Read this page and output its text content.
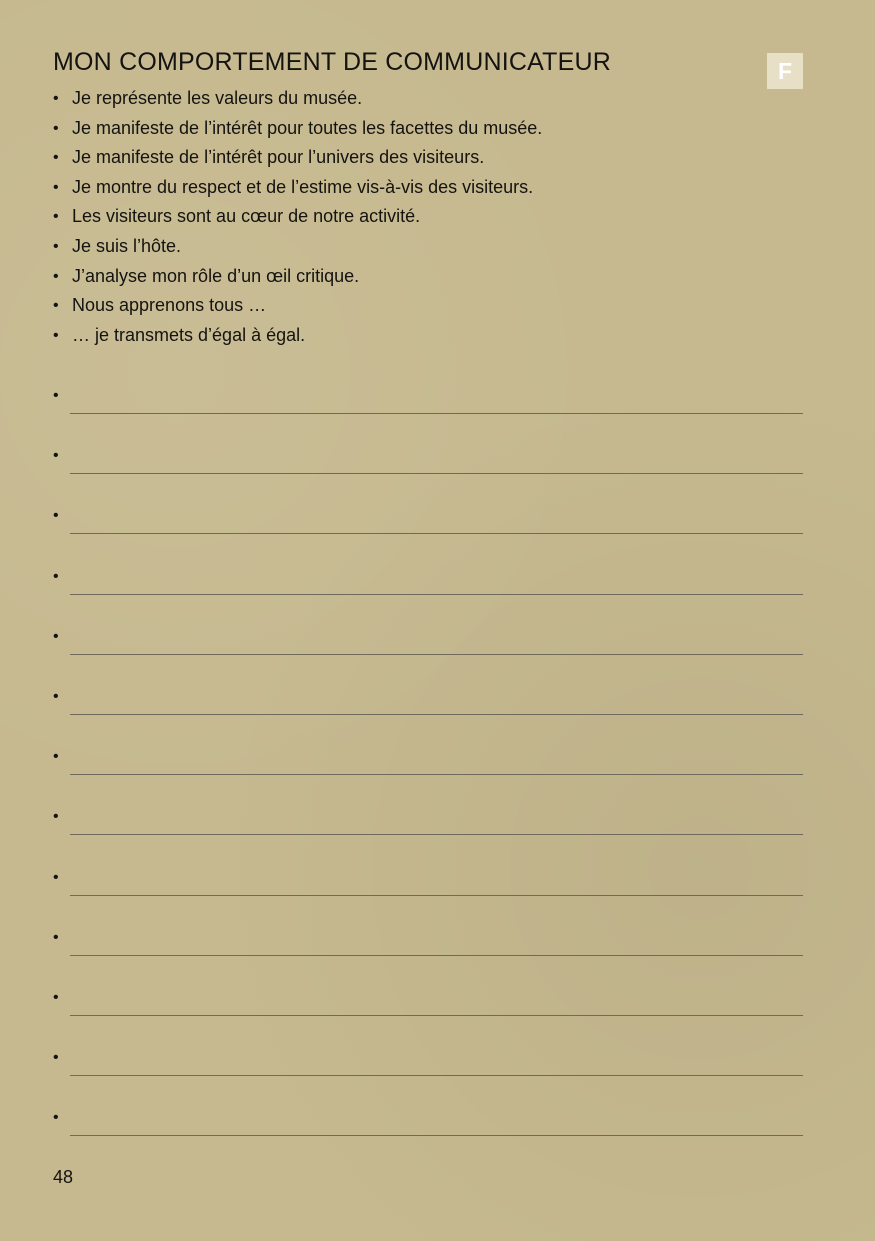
MON COMPORTEMENT DE COMMUNICATEUR	F
• Je représente les valeurs du musée.
• Je manifeste de l’intérêt pour toutes les facettes du musée.
• Je manifeste de l’intérêt pour l’univers des visiteurs.
• Je montre du respect et de l’estime vis-à-vis des visiteurs.
• Les visiteurs sont au cœur de notre activité.
• Je suis l’hôte.
• J’analyse mon rôle d’un œil critique.
• Nous apprenons tous …
• … je transmets d’égal à égal.
•
•
•
•
•
•
•
•
•
•
•
•
•
48
